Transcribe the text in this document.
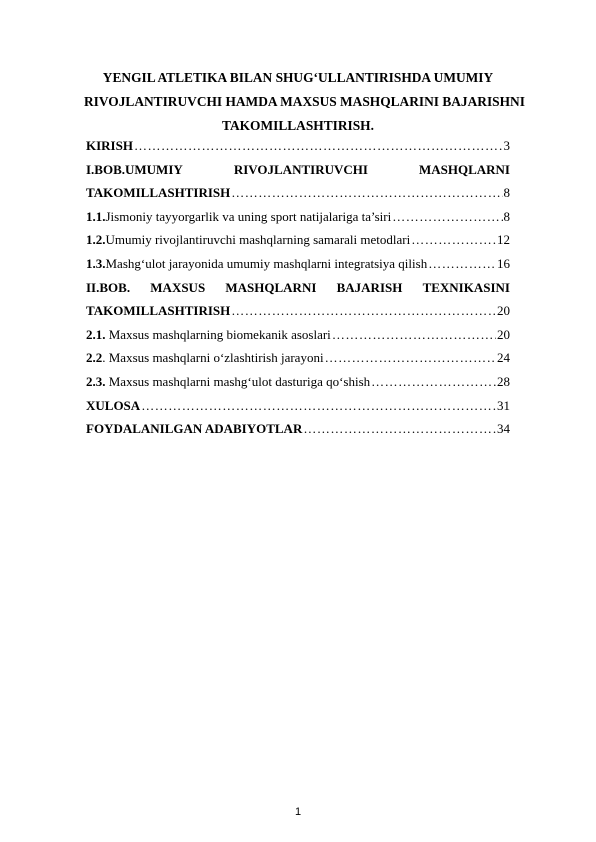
YENGIL ATLETIKA BILAN SHUG‘ULLANTIRISHDA UMUMIY
RIVOJLANTIRUVCHI HAMDA MAXSUS MASHQLARINI BAJARISHNI
TAKOMILLASHTIRISH.
KIRISH …………………………………………………………………………………………………………………………………………………	3
I.BOB.UMUMIY	RIVOJLANTIRUVCHI	MASHQLARNI
TAKOMILLASHTIRISH …………………………………………………………………………………………………………………………………………………	8
1.1. Jismoniy tayyorgarlik va uning sport natijalariga ta’siri …………………………………………………………………………………………………………………………………………………	8
1.2. Umumiy rivojlantiruvchi mashqlarning samarali metodlari …………………………………………………………………………………………………………………………………………………	12
1.3. Mashg‘ulot jarayonida umumiy mashqlarni integratsiya qilish …………………………………………………………………………………………………………………………………………………	16
II.BOB. MAXSUS MASHQLARNI BAJARISH TEXNIKASINI
TAKOMILLASHTIRISH …………………………………………………………………………………………………………………………………………………	20
2.1. Maxsus mashqlarning biomekanik asoslari …………………………………………………………………………………………………………………………………………………	20
2.2 . Maxsus mashqlarni o‘zlashtirish jarayoni …………………………………………………………………………………………………………………………………………………	24
2.3. Maxsus mashqlarni mashg‘ulot dasturiga qo‘shish …………………………………………………………………………………………………………………………………………………	28
XULOSA …………………………………………………………………………………………………………………………………………………	31
FOYDALANILGAN ADABIYOTLAR …………………………………………………………………………………………………………………………………………………	34
1
